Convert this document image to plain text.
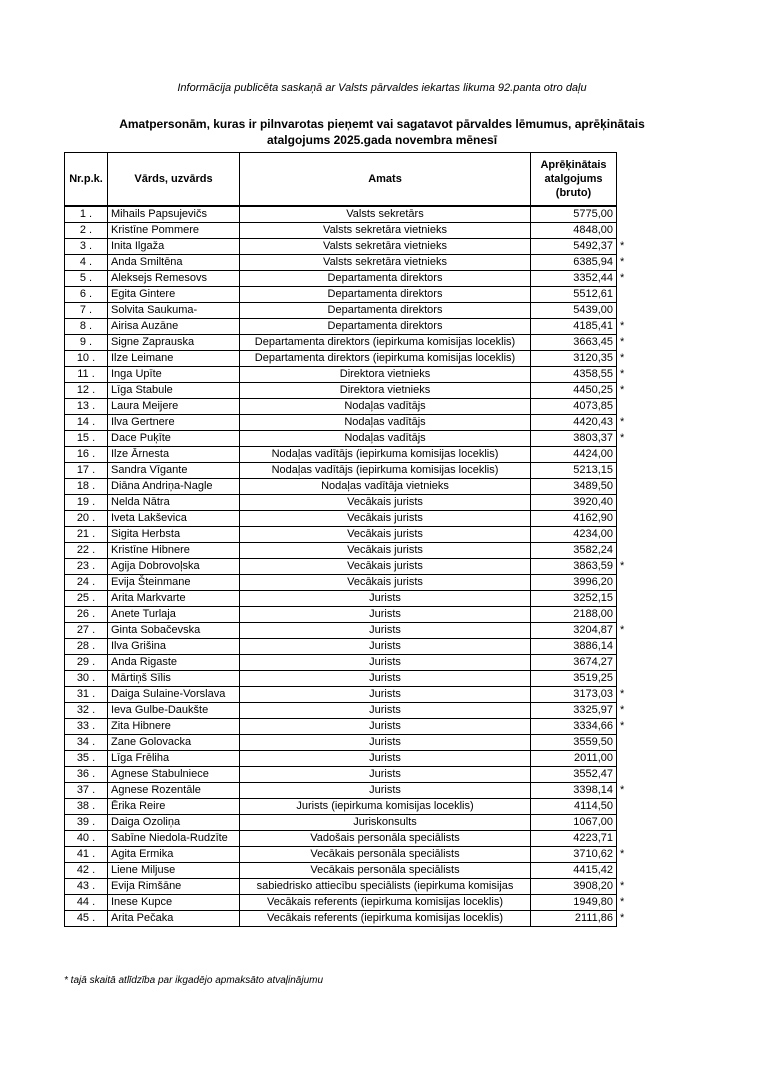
Informācija publicēta saskaņā ar Valsts pārvaldes iekartas likuma 92.panta otro daļu
Amatpersonām, kuras ir pilnvarotas pieņemt vai sagatavot pārvaldes lēmumus, aprēķinātais
atalgojums 2025.gada novembra mēnesī
Nr.p.k.	Vārds, uzvārds	Amats	Aprēķinātais atalgojums (bruto)	
1 .	Mihails Papsujevičs	Valsts sekretārs	5775,00	
2 .	Kristīne Pommere	Valsts sekretāra vietnieks	4848,00	
3 .	Inita Ilgaža	Valsts sekretāra vietnieks	5492,37	*
4 .	Anda Smiltēna	Valsts sekretāra vietnieks	6385,94	*
5 .	Aleksejs Remesovs	Departamenta direktors	3352,44	*
6 .	Egita Gintere	Departamenta direktors	5512,61	
7 .	Solvita Saukuma-	Departamenta direktors	5439,00	
8 .	Airisa Auzāne	Departamenta direktors	4185,41	*
9 .	Signe Zaprauska	Departamenta direktors (iepirkuma komisijas loceklis)	3663,45	*
10 .	Ilze Leimane	Departamenta direktors (iepirkuma komisijas loceklis)	3120,35	*
11 .	Inga Upīte	Direktora vietnieks	4358,55	*
12 .	Līga Stabule	Direktora vietnieks	4450,25	*
13 .	Laura Meijere	Nodaļas vadītājs	4073,85	
14 .	Ilva Gertnere	Nodaļas vadītājs	4420,43	*
15 .	Dace Puķīte	Nodaļas vadītājs	3803,37	*
16 .	Ilze Ārnesta	Nodaļas vadītājs (iepirkuma komisijas loceklis)	4424,00	
17 .	Sandra Vīgante	Nodaļas vadītājs (iepirkuma komisijas loceklis)	5213,15	
18 .	Diāna Andriņa-Nagle	Nodaļas vadītāja vietnieks	3489,50	
19 .	Nelda Nātra	Vecākais jurists	3920,40	
20 .	Iveta Lakševica	Vecākais jurists	4162,90	
21 .	Sigita Herbsta	Vecākais jurists	4234,00	
22 .	Kristīne Hibnere	Vecākais jurists	3582,24	
23 .	Agija Dobrovoļska	Vecākais jurists	3863,59	*
24 .	Evija Šteinmane	Vecākais jurists	3996,20	
25 .	Arita Markvarte	Jurists	3252,15	
26 .	Anete Turlaja	Jurists	2188,00	
27 .	Ginta Sobačevska	Jurists	3204,87	*
28 .	Ilva Grišina	Jurists	3886,14	
29 .	Anda Rigaste	Jurists	3674,27	
30 .	Mārtiņš Sīlis	Jurists	3519,25	
31 .	Daiga Sulaine-Vorslava	Jurists	3173,03	*
32 .	Ieva Gulbe-Daukšte	Jurists	3325,97	*
33 .	Zita Hibnere	Jurists	3334,66	*
34 .	Zane Golovacka	Jurists	3559,50	
35 .	Līga Frēliha	Jurists	2011,00	
36 .	Agnese Stabulniece	Jurists	3552,47	
37 .	Agnese Rozentāle	Jurists	3398,14	*
38 .	Ērika Reire	Jurists (iepirkuma komisijas loceklis)	4114,50	
39 .	Daiga Ozoliņa	Juriskonsults	1067,00	
40 .	Sabīne Niedola-Rudzīte	Vadošais personāla speciālists	4223,71	
41 .	Agita Ermika	Vecākais personāla speciālists	3710,62	*
42 .	Liene Miljuse	Vecākais personāla speciālists	4415,42	
43 .	Evija Rimšāne	sabiedrisko attiecību speciālists (iepirkuma komisijas	3908,20	*
44 .	Inese Kupce	Vecākais referents (iepirkuma komisijas loceklis)	1949,80	*
45 .	Arita Pečaka	Vecākais referents (iepirkuma komisijas loceklis)	2111,86	*
* tajā skaitā atlīdzība par ikgadējo apmaksāto atvaļinājumu
